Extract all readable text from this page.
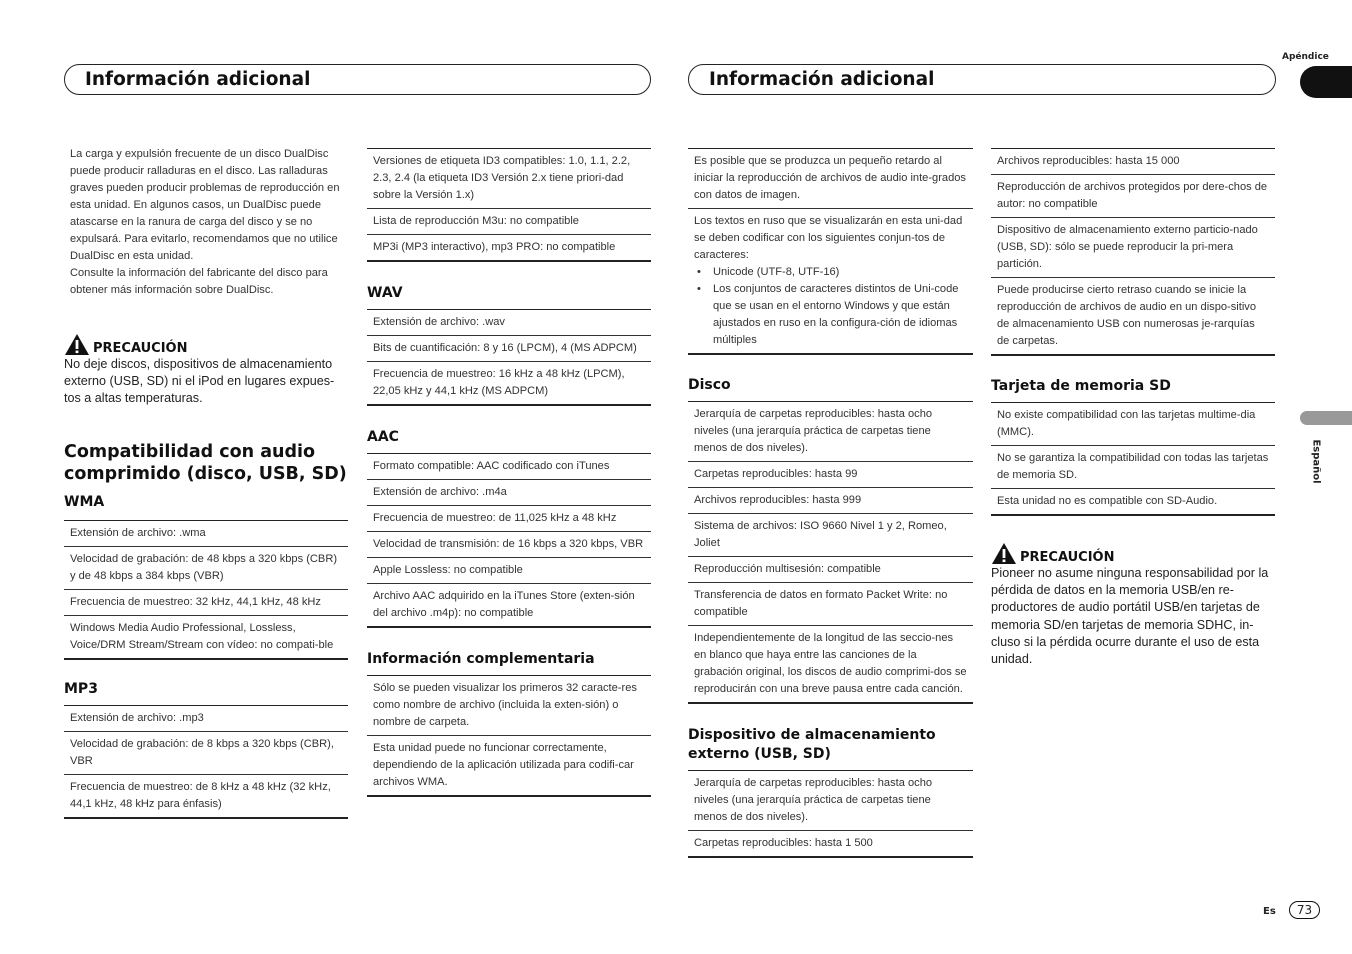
Información adicional	Información adicional
Apéndice
Español
La carga y expulsión frecuente de un disco DualDisc puede producir ralladuras en el disco. Las ralladuras graves pueden producir problemas de reproducción en esta unidad. En algunos casos, un DualDisc puede atascarse en la ranura de carga del disco y se no expulsará. Para evitarlo, recomendamos que no utilice DualDisc en esta unidad.
Consulte la información del fabricante del disco para obtener más información sobre DualDisc.
PRECAUCIÓN
No deje discos, dispositivos de almacenamiento externo (USB, SD) ni el iPod en lugares expues-tos a altas temperaturas.
Compatibilidad con audio comprimido (disco, USB, SD)
WMA
Extensión de archivo: .wma
Velocidad de grabación: de 48 kbps a 320 kbps (CBR) y de 48 kbps a 384 kbps (VBR)
Frecuencia de muestreo: 32 kHz, 44,1 kHz, 48 kHz
Windows Media Audio Professional, Lossless, Voice/DRM Stream/Stream con vídeo: no compati-ble
MP3
Extensión de archivo: .mp3
Velocidad de grabación: de 8 kbps a 320 kbps (CBR), VBR
Frecuencia de muestreo: de 8 kHz a 48 kHz (32 kHz, 44,1 kHz, 48 kHz para énfasis)
Versiones de etiqueta ID3 compatibles: 1.0, 1.1, 2.2, 2.3, 2.4 (la etiqueta ID3 Versión 2.x tiene priori-dad sobre la Versión 1.x)
Lista de reproducción M3u: no compatible
MP3i (MP3 interactivo), mp3 PRO: no compatible
WAV
Extensión de archivo: .wav
Bits de cuantificación: 8 y 16 (LPCM), 4 (MS ADPCM)
Frecuencia de muestreo: 16 kHz a 48 kHz (LPCM), 22,05 kHz y 44,1 kHz (MS ADPCM)
AAC
Formato compatible: AAC codificado con iTunes
Extensión de archivo: .m4a
Frecuencia de muestreo: de 11,025 kHz a 48 kHz
Velocidad de transmisión: de 16 kbps a 320 kbps, VBR
Apple Lossless: no compatible
Archivo AAC adquirido en la iTunes Store (exten-sión del archivo .m4p): no compatible
Información complementaria
Sólo se pueden visualizar los primeros 32 caracte-res como nombre de archivo (incluida la exten-sión) o nombre de carpeta.
Esta unidad puede no funcionar correctamente, dependiendo de la aplicación utilizada para codifi-car archivos WMA.
Es posible que se produzca un pequeño retardo al iniciar la reproducción de archivos de audio inte-grados con datos de imagen.
Los textos en ruso que se visualizarán en esta uni-dad se deben codificar con los siguientes conjun-tos de caracteres:
• Unicode (UTF-8, UTF-16)
• Los conjuntos de caracteres distintos de Uni-code que se usan en el entorno Windows y que están ajustados en ruso en la configura-ción de idiomas múltiples
Disco
Jerarquía de carpetas reproducibles: hasta ocho niveles (una jerarquía práctica de carpetas tiene menos de dos niveles).
Carpetas reproducibles: hasta 99
Archivos reproducibles: hasta 999
Sistema de archivos: ISO 9660 Nivel 1 y 2, Romeo, Joliet
Reproducción multisesión: compatible
Transferencia de datos en formato Packet Write: no compatible
Independientemente de la longitud de las seccio-nes en blanco que haya entre las canciones de la grabación original, los discos de audio comprimi-dos se reproducirán con una breve pausa entre cada canción.
Dispositivo de almacenamiento externo (USB, SD)
Jerarquía de carpetas reproducibles: hasta ocho niveles (una jerarquía práctica de carpetas tiene menos de dos niveles).
Carpetas reproducibles: hasta 1 500
Archivos reproducibles: hasta 15 000
Reproducción de archivos protegidos por dere-chos de autor: no compatible
Dispositivo de almacenamiento externo particio-nado (USB, SD): sólo se puede reproducir la pri-mera partición.
Puede producirse cierto retraso cuando se inicie la reproducción de archivos de audio en un dispo-sitivo de almacenamiento USB con numerosas je-rarquías de carpetas.
Tarjeta de memoria SD
No existe compatibilidad con las tarjetas multime-dia (MMC).
No se garantiza la compatibilidad con todas las tarjetas de memoria SD.
Esta unidad no es compatible con SD-Audio.
PRECAUCIÓN
Pioneer no asume ninguna responsabilidad por la pérdida de datos en la memoria USB/en re-productores de audio portátil USB/en tarjetas de memoria SD/en tarjetas de memoria SDHC, in-cluso si la pérdida ocurre durante el uso de esta unidad.
Es	73
